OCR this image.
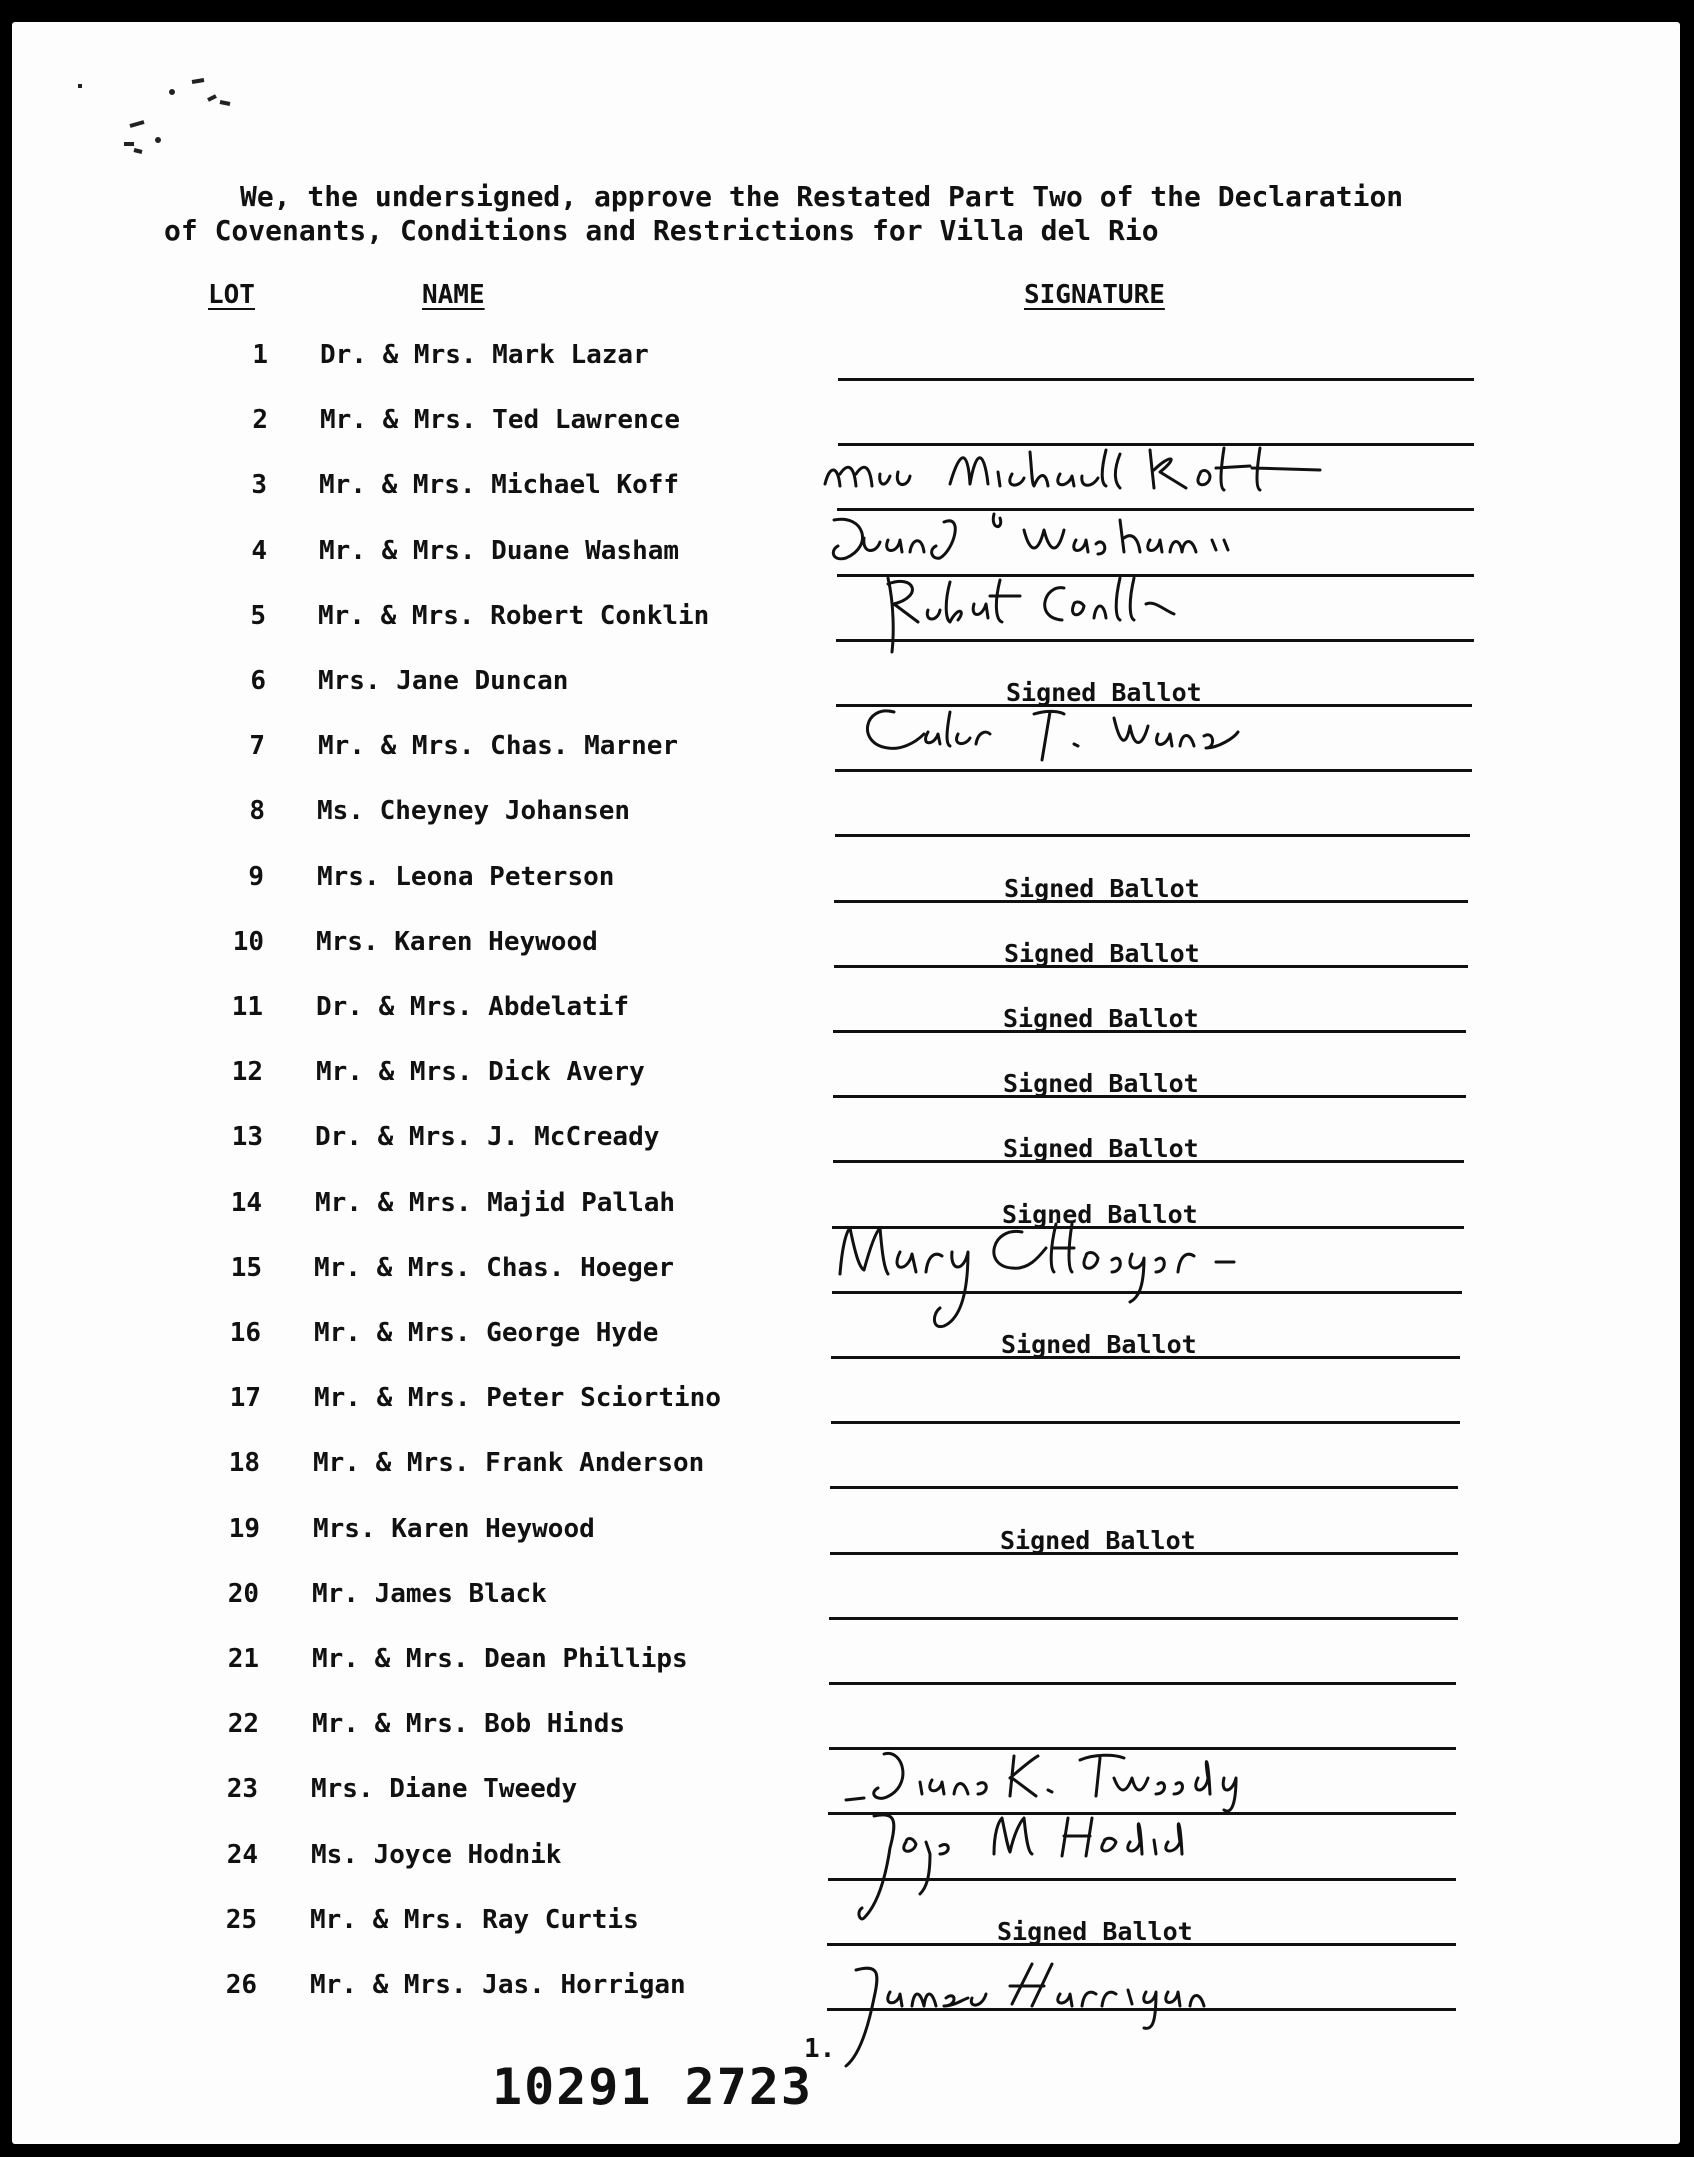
We, the undersigned, approve the Restated Part Two of the Declaration
of Covenants, Conditions and Restrictions for Villa del Rio
LOT	NAME	SIGNATURE
1 Dr. & Mrs. Mark Lazar
2 Mr. & Mrs. Ted Lawrence
3 Mr. & Mrs. Michael Koff
4 Mr. & Mrs. Duane Washam
5 Mr. & Mrs. Robert Conklin
6 Mrs. Jane Duncan	Signed Ballot
7 Mr. & Mrs. Chas. Marner
8 Ms. Cheyney Johansen
9 Mrs. Leona Peterson	Signed Ballot
10 Mrs. Karen Heywood	Signed Ballot
11 Dr. & Mrs. Abdelatif	Signed Ballot
12 Mr. & Mrs. Dick Avery	Signed Ballot
13 Dr. & Mrs. J. McCready	Signed Ballot
14 Mr. & Mrs. Majid Pallah	Signed Ballot
15 Mr. & Mrs. Chas. Hoeger
16 Mr. & Mrs. George Hyde	Signed Ballot
17 Mr. & Mrs. Peter Sciortino
18 Mr. & Mrs. Frank Anderson
19 Mrs. Karen Heywood	Signed Ballot
20 Mr. James Black
21 Mr. & Mrs. Dean Phillips
22 Mr. & Mrs. Bob Hinds
23 Mrs. Diane Tweedy
24 Ms. Joyce Hodnik
25 Mr. & Mrs. Ray Curtis	Signed Ballot
26 Mr. & Mrs. Jas. Horrigan
10291 2723
1.
